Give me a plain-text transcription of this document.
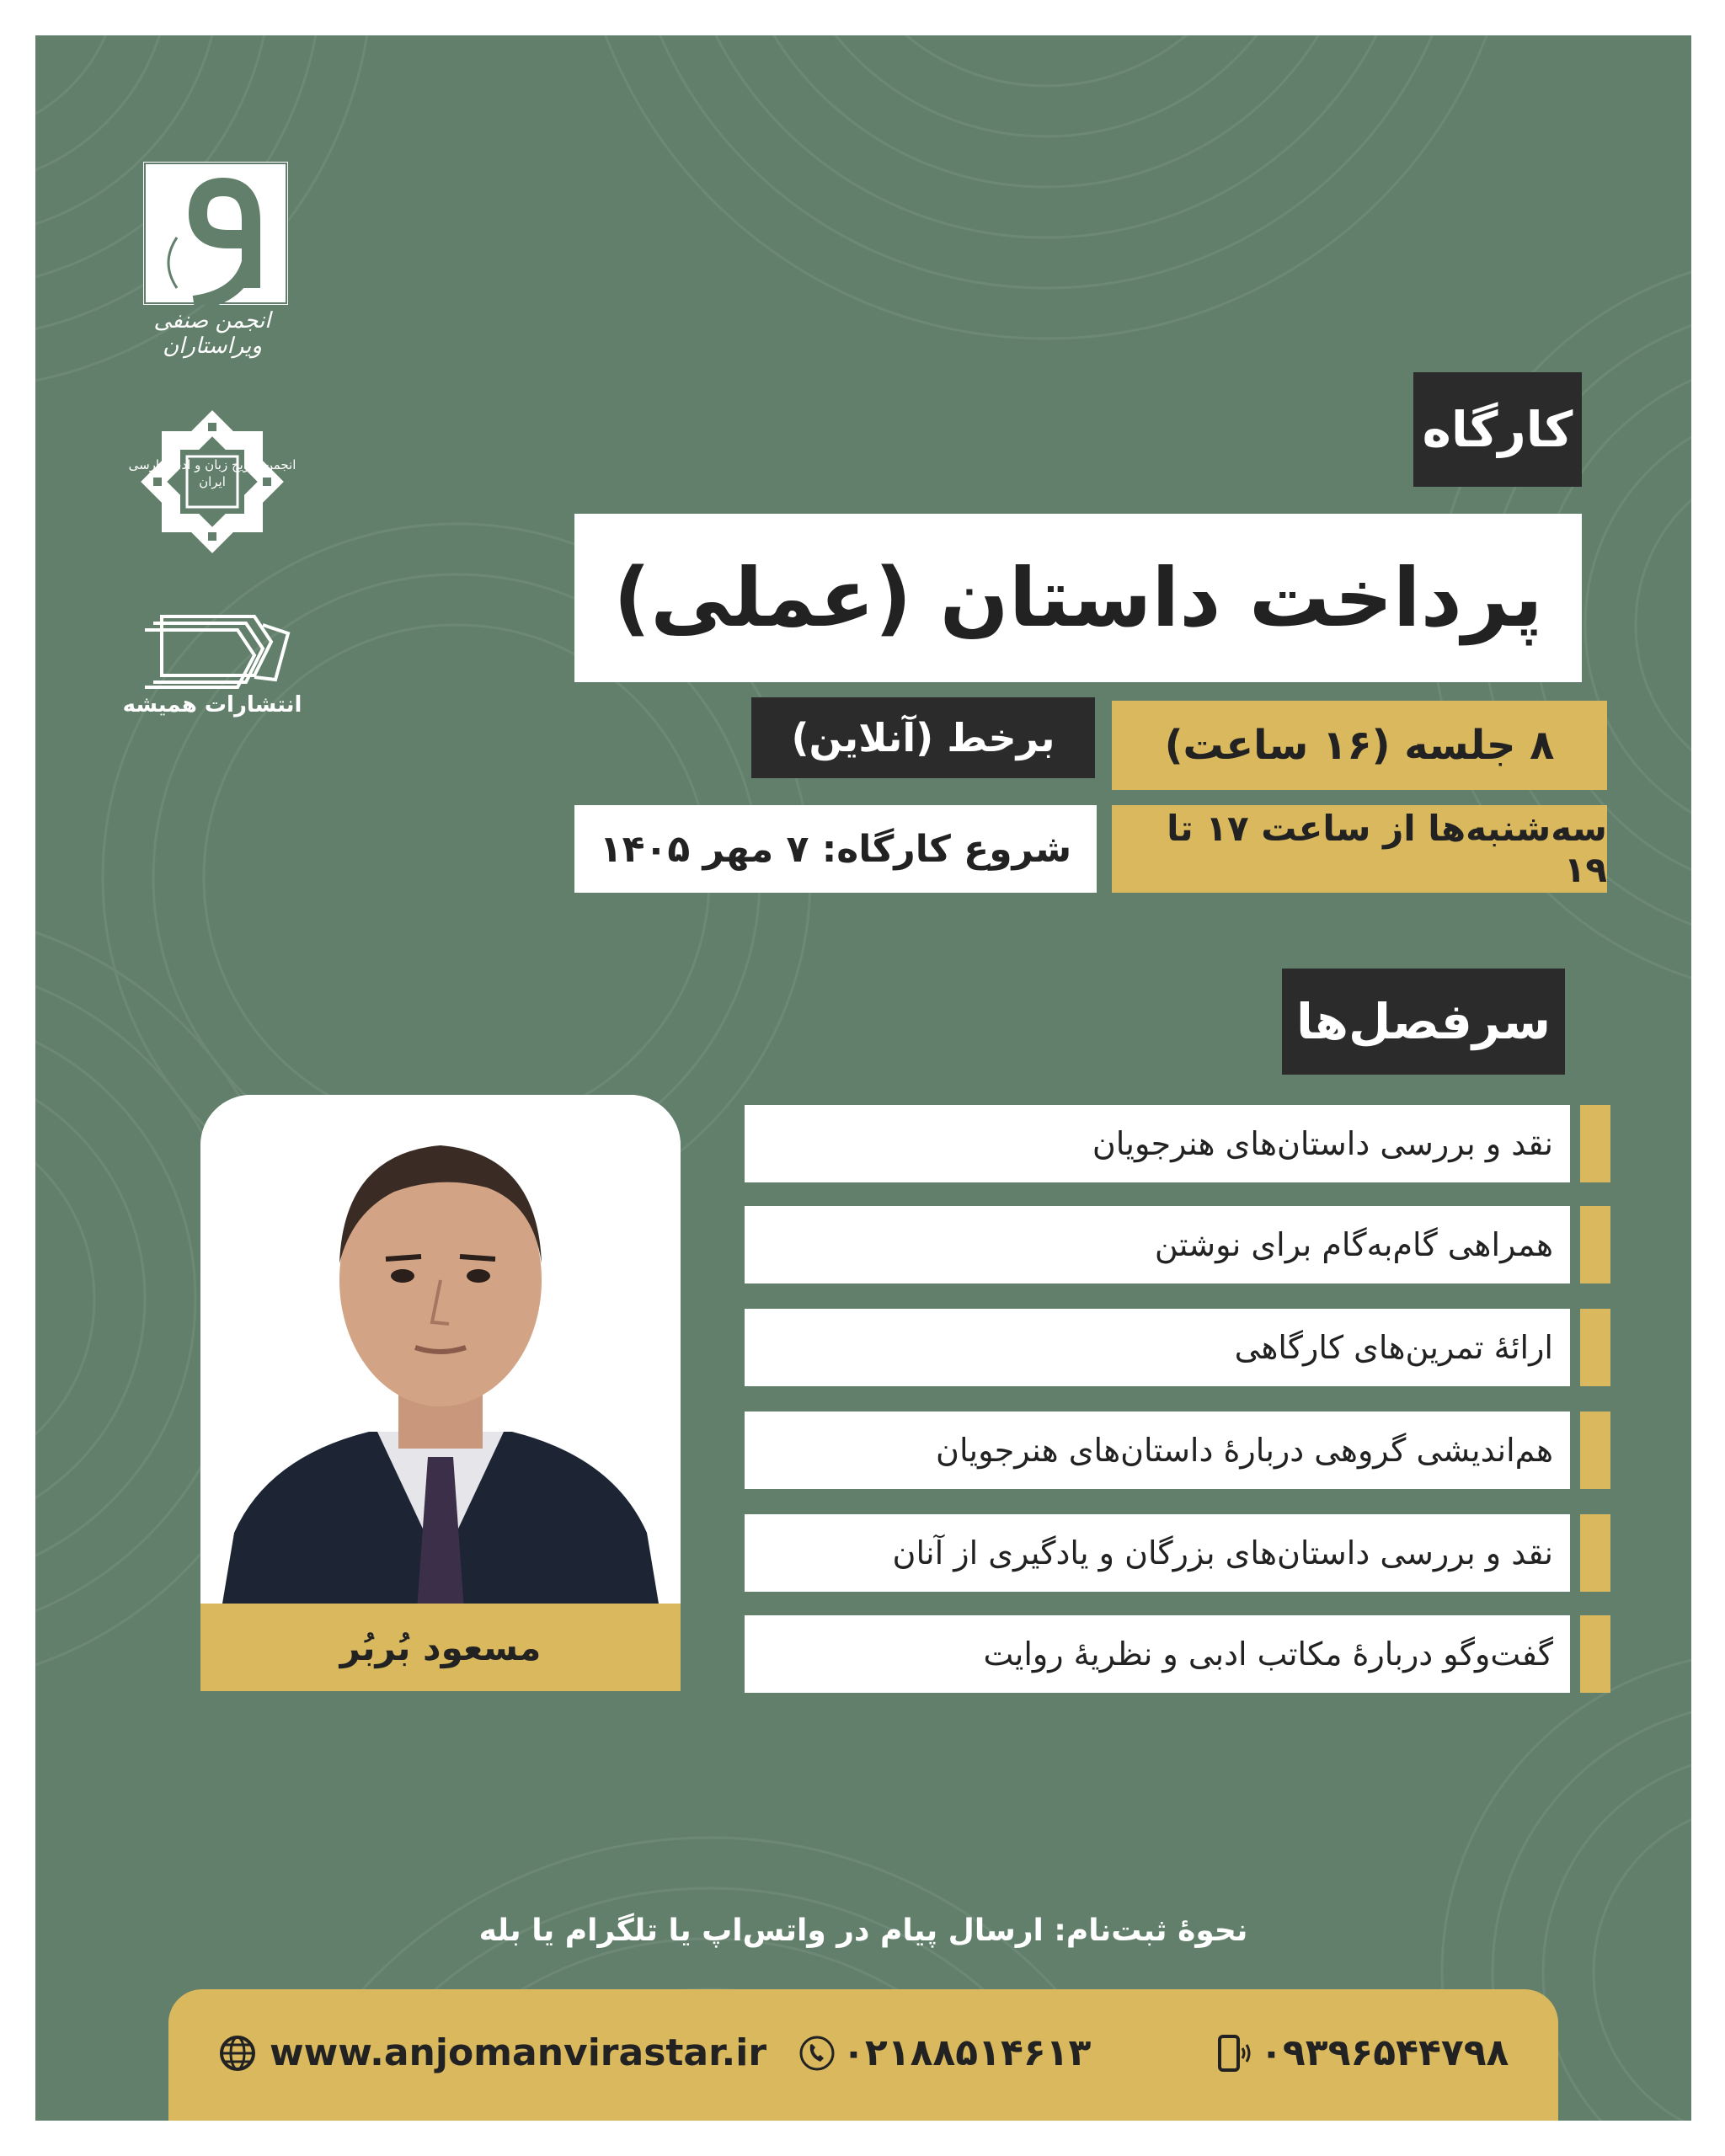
انجمن صنفی ویراستاران
انجمن ترویج زبان و ادب فارسی ایران
انتشارات همیشه
کارگاه
پرداخت داستان (عملی)
۸ جلسه (۱۶ ساعت)
برخط (آنلاین)
سه‌شنبه‌ها از ساعت ۱۷ تا ۱۹
شروع کارگاه: ۷ مهر ۱۴۰۵
سرفصل‌ها
نقد و بررسی داستان‌های هنرجویان
همراهی گام‌به‌گام برای نوشتن
ارائهٔ تمرین‌های کارگاهی
هم‌اندیشی گروهی دربارهٔ داستان‌های هنرجویان
نقد و بررسی داستان‌های بزرگان و یادگیری از آنان
گفت‌وگو دربارهٔ مکاتب ادبی و نظریهٔ روایت
مسعود بُربُر
نحوهٔ ثبت‌نام: ارسال پیام در واتس‌اپ یا تلگرام یا بله
www.anjomanvirastar.ir ۰۲۱۸۸۵۱۴۶۱۳	۰۹۳۹۶۵۴۴۷۹۸
